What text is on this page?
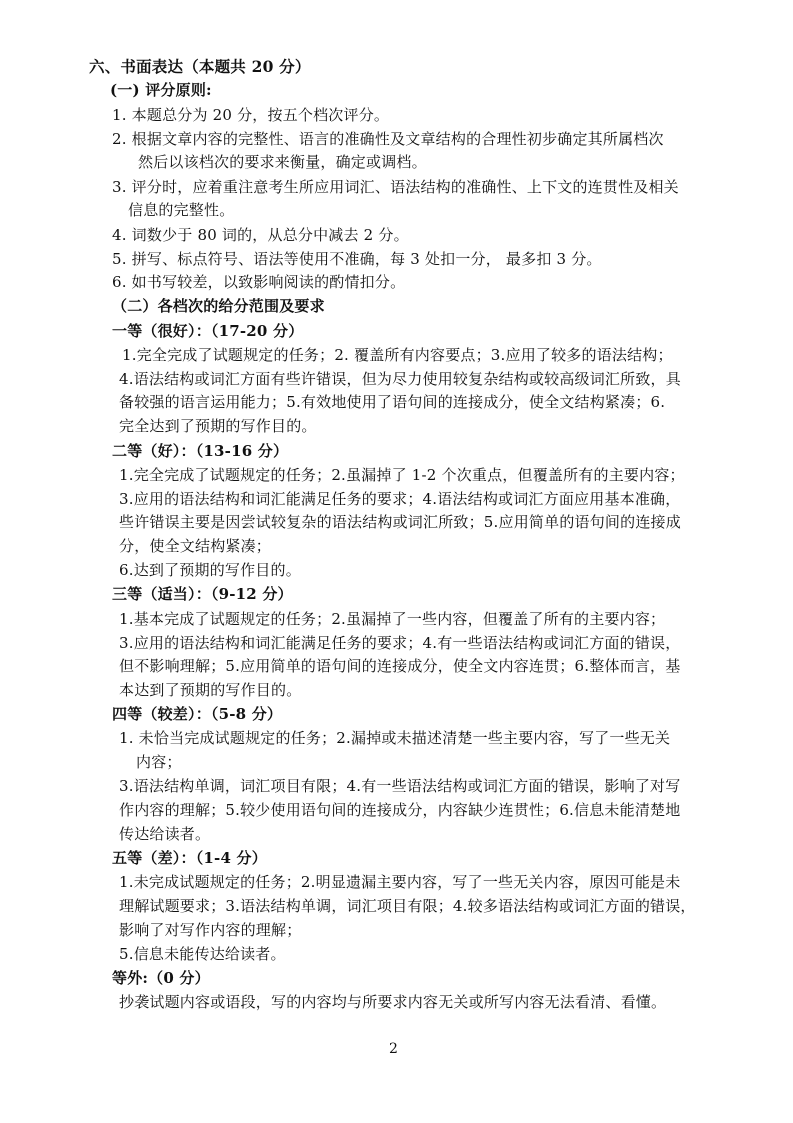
六、书面表达（本题共 20 分）
(一) 评分原则:
1. 本题总分为 20 分，按五个档次评分。
2. 根据文章内容的完整性、语言的准确性及文章结构的合理性初步确定其所属档次
然后以该档次的要求来衡量，确定或调档。
3. 评分时，应着重注意考生所应用词汇、语法结构的准确性、上下文的连贯性及相关
信息的完整性。
4. 词数少于 80 词的，从总分中减去 2 分。
5. 拼写、标点符号、语法等使用不准确，每 3 处扣一分， 最多扣 3 分。
6. 如书写较差，以致影响阅读的酌情扣分。
（二）各档次的给分范围及要求
一等（很好）：（17-20 分）
1.完全完成了试题规定的任务；2. 覆盖所有内容要点；3.应用了较多的语法结构；
4.语法结构或词汇方面有些许错误，但为尽力使用较复杂结构或较高级词汇所致，具
备较强的语言运用能力；5.有效地使用了语句间的连接成分，使全文结构紧凑；6.
完全达到了预期的写作目的。
二等（好）：（13-16 分）
1.完全完成了试题规定的任务；2.虽漏掉了 1-2 个次重点，但覆盖所有的主要内容；
3.应用的语法结构和词汇能满足任务的要求；4.语法结构或词汇方面应用基本准确，
些许错误主要是因尝试较复杂的语法结构或词汇所致；5.应用简单的语句间的连接成
分，使全文结构紧凑；
6.达到了预期的写作目的。
三等（适当）：（9-12 分）
1.基本完成了试题规定的任务；2.虽漏掉了一些内容，但覆盖了所有的主要内容；
3.应用的语法结构和词汇能满足任务的要求；4.有一些语法结构或词汇方面的错误，
但不影响理解；5.应用简单的语句间的连接成分，使全文内容连贯；6.整体而言，基
本达到了预期的写作目的。
四等（较差）：（5-8 分）
1. 未恰当完成试题规定的任务；2.漏掉或未描述清楚一些主要内容，写了一些无关
内容；
3.语法结构单调，词汇项目有限；4.有一些语法结构或词汇方面的错误，影响了对写
作内容的理解；5.较少使用语句间的连接成分，内容缺少连贯性；6.信息未能清楚地
传达给读者。
五等（差）：（1-4 分）
1.未完成试题规定的任务；2.明显遗漏主要内容，写了一些无关内容，原因可能是未
理解试题要求；3.语法结构单调，词汇项目有限；4.较多语法结构或词汇方面的错误，
影响了对写作内容的理解；
5.信息未能传达给读者。
等外:（0 分）
抄袭试题内容或语段，写的内容均与所要求内容无关或所写内容无法看清、看懂。
2
